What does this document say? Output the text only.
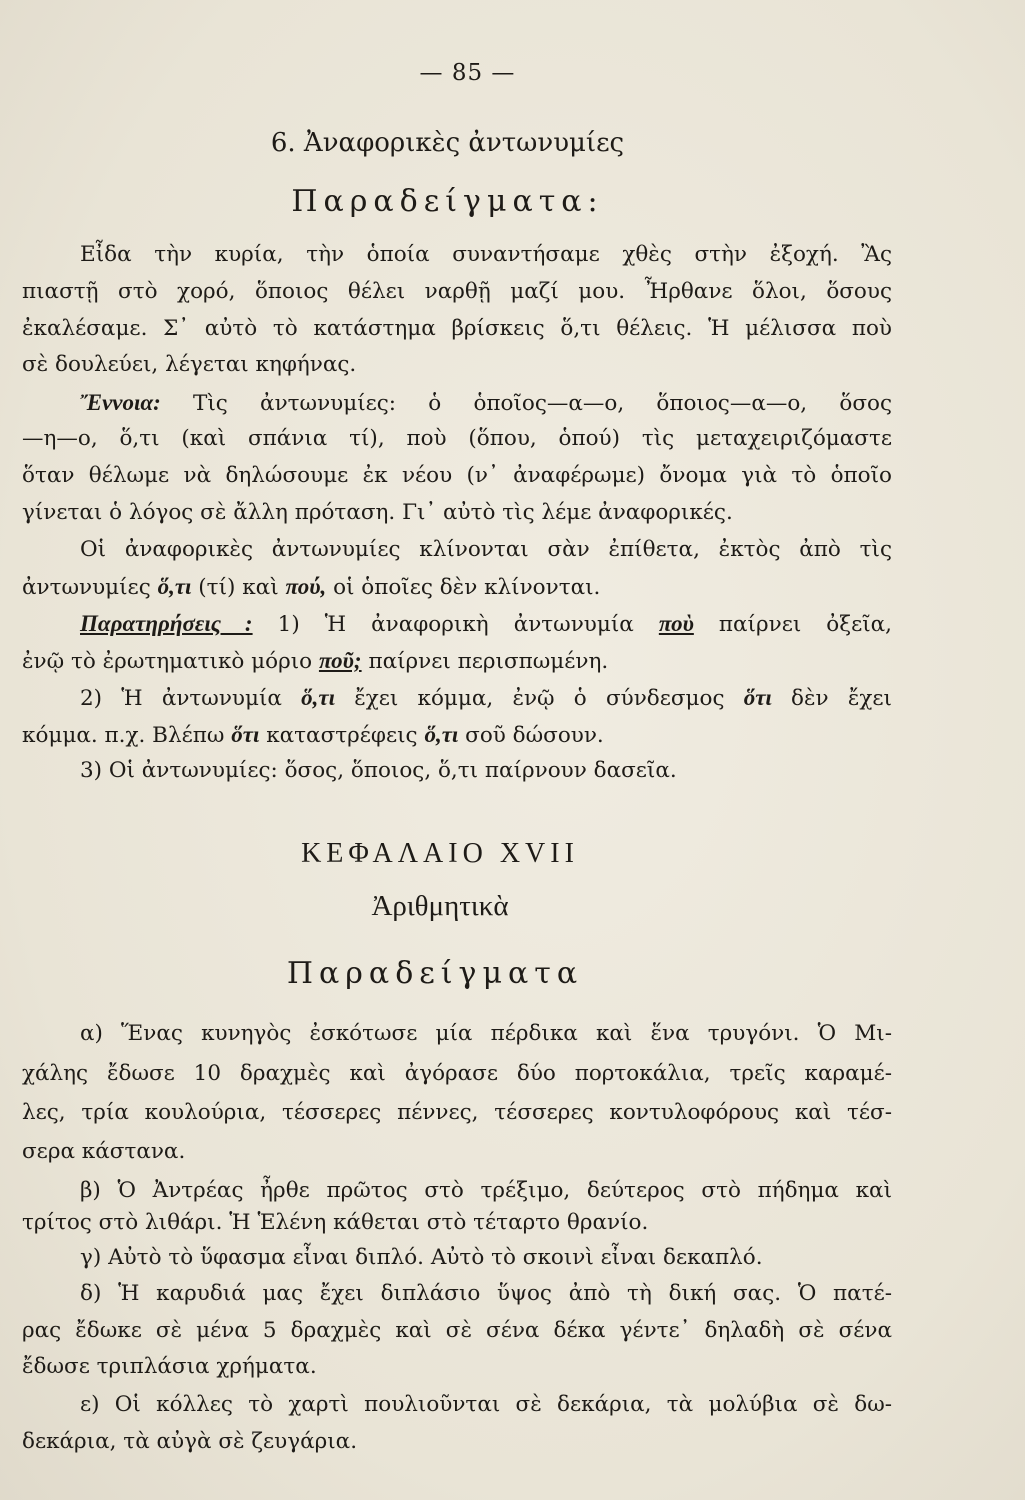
— 85 —
6. Ἀναφορικὲς ἀντωνυμίες
Παραδείγματα:
Εἶδα τὴν κυρία, τὴν ὁποία συναντήσαμε χθὲς στὴν ἐξοχή. Ἂς
πιαστῇ στὸ χορό, ὅποιος θέλει ναρθῇ μαζί μου. Ἦρθανε ὅλοι, ὅσους
ἐκαλέσαμε. Σ᾿ αὐτὸ τὸ κατάστημα βρίσκεις ὅ,τι θέλεις. Ἡ μέλισσα ποὺ
σὲ δουλεύει, λέγεται κηφήνας.
Ἔννοια: Τὶς ἀντωνυμίες: ὁ ὁποῖος—α—ο, ὅποιος—α—ο, ὅσος
—η—ο, ὅ,τι (καὶ σπάνια τί), ποὺ (ὅπου, ὁπού) τὶς μεταχειριζόμαστε
ὅταν θέλωμε νὰ δηλώσουμε ἐκ νέου (ν᾿ ἀναφέρωμε) ὄνομα γιὰ τὸ ὁποῖο
γίνεται ὁ λόγος σὲ ἄλλη πρόταση. Γι᾿ αὐτὸ τὶς λέμε ἀναφορικές.
Οἱ ἀναφορικὲς ἀντωνυμίες κλίνονται σὰν ἐπίθετα, ἐκτὸς ἀπὸ τὶς
ἀντωνυμίες ὅ,τι (τί) καὶ πού, οἱ ὁποῖες δὲν κλίνονται.
Παρατηρήσεις : 1) Ἡ ἀναφορικὴ ἀντωνυμία ποὺ παίρνει ὀξεῖα,
ἐνῷ τὸ ἐρωτηματικὸ μόριο ποῦ; παίρνει περισπωμένη.
2) Ἡ ἀντωνυμία ὅ,τι ἔχει κόμμα, ἐνῷ ὁ σύνδεσμος ὅτι δὲν ἔχει
κόμμα. π.χ. Βλέπω ὅτι καταστρέφεις ὅ,τι σοῦ δώσουν.
3) Οἱ ἀντωνυμίες: ὅσος, ὅποιος, ὅ,τι παίρνουν δασεῖα.
ΚΕΦΑΛΑΙΟ XVII
Ἀριθμητικὰ
Παραδείγματα
α) Ἕνας κυνηγὸς ἐσκότωσε μία πέρδικα καὶ ἕνα τρυγόνι. Ὁ Μι-
χάλης ἔδωσε 10 δραχμὲς καὶ ἀγόρασε δύο πορτοκάλια, τρεῖς καραμέ-
λες, τρία κουλούρια, τέσσερες πέννες, τέσσερες κοντυλοφόρους καὶ τέσ-
σερα κάστανα.
β) Ὁ Ἀντρέας ἦρθε πρῶτος στὸ τρέξιμο, δεύτερος στὸ πήδημα καὶ
τρίτος στὸ λιθάρι. Ἡ Ἑλένη κάθεται στὸ τέταρτο θρανίο.
γ) Αὐτὸ τὸ ὕφασμα εἶναι διπλό. Αὐτὸ τὸ σκοινὶ εἶναι δεκαπλό.
δ) Ἡ καρυδιά μας ἔχει διπλάσιο ὕψος ἀπὸ τὴ δική σας. Ὁ πατέ-
ρας ἔδωκε σὲ μένα 5 δραχμὲς καὶ σὲ σένα δέκα γέντε᾿ δηλαδὴ σὲ σένα
ἔδωσε τριπλάσια χρήματα.
ε) Οἱ κόλλες τὸ χαρτὶ πουλιοῦνται σὲ δεκάρια, τὰ μολύβια σὲ δω-
δεκάρια, τὰ αὐγὰ σὲ ζευγάρια.
